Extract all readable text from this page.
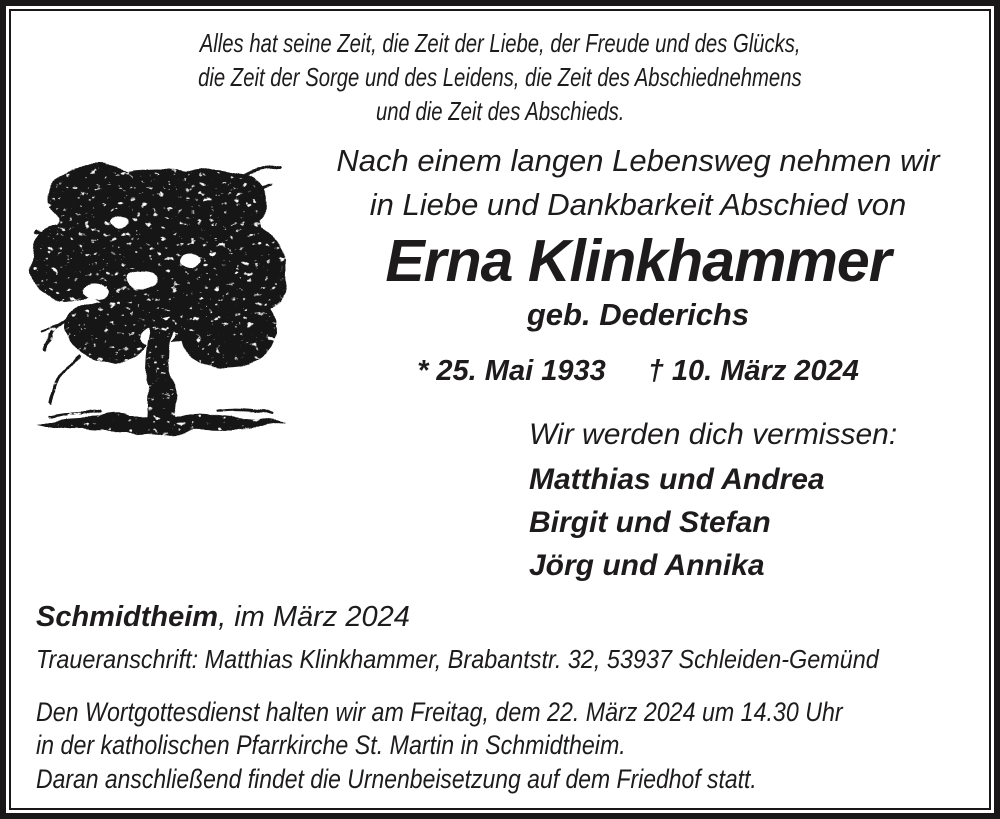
Alles hat seine Zeit, die Zeit der Liebe, der Freude und des Glücks,
die Zeit der Sorge und des Leidens, die Zeit des Abschiednehmens
und die Zeit des Abschieds.
Nach einem langen Lebensweg nehmen wir
in Liebe und Dankbarkeit Abschied von
Erna Klinkhammer
geb. Dederichs
* 25. Mai 1933 † 10. März 2024
Wir werden dich vermissen:
Matthias und Andrea
Birgit und Stefan
Jörg und Annika
Schmidtheim, im März 2024
Traueranschrift: Matthias Klinkhammer, Brabantstr. 32, 53937 Schleiden-Gemünd
Den Wortgottesdienst halten wir am Freitag, dem 22. März 2024 um 14.30 Uhr
in der katholischen Pfarrkirche St. Martin in Schmidtheim.
Daran anschließend findet die Urnenbeisetzung auf dem Friedhof statt.
